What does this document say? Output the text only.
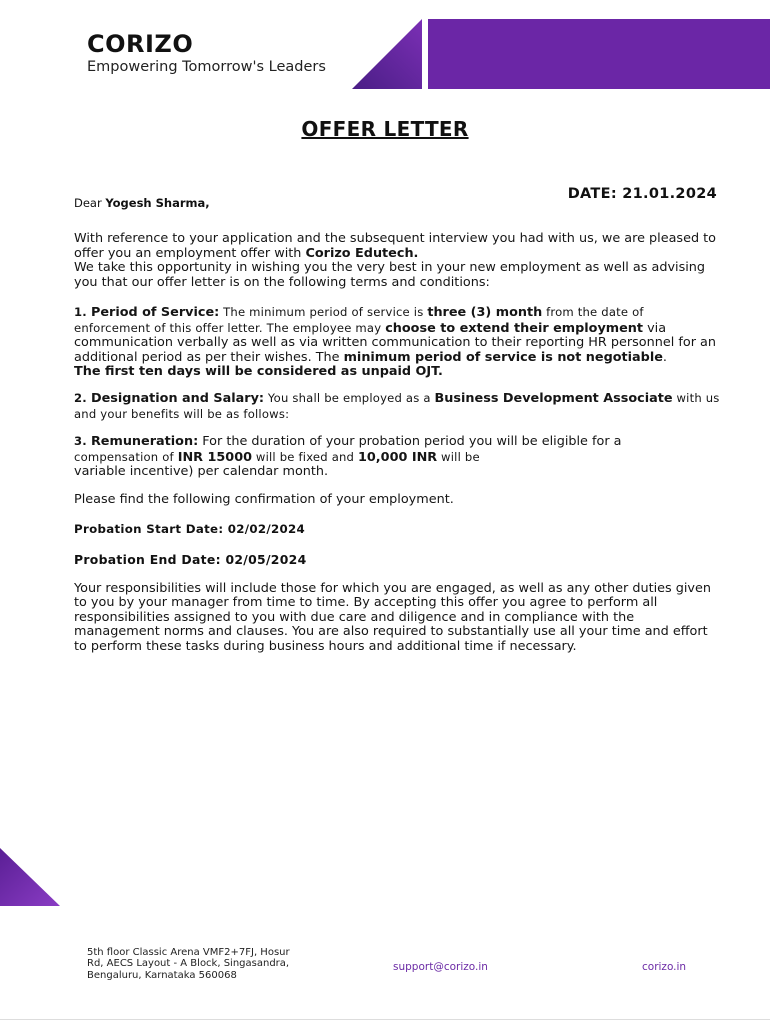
CORIZO
Empowering Tomorrow's Leaders
OFFER LETTER
Dear Yogesh Sharma,
DATE: 21.01.2024

With reference to your application and the subsequent interview you had with us, we are pleased to offer you an employment offer with Corizo Edutech.

We take this opportunity in wishing you the very best in your new employment as well as advising you that our offer letter is on the following terms and conditions:

1. Period of Service: The minimum period of service is three (3) month from the date of enforcement of this offer letter. The employee may choose to extend their employment via communication verbally as well as via written communication to their reporting HR personnel for an additional period as per their wishes. The minimum period of service is not negotiable.

The first ten days will be considered as unpaid OJT.

2. Designation and Salary: You shall be employed as a Business Development Associate with us and your benefits will be as follows:

3. Remuneration: For the duration of your probation period you will be eligible for a

compensation of INR 15000 will be fixed and 10,000 INR will be

variable incentive) per calendar month.

Please find the following confirmation of your employment.
Probation Start Date: 02/02/2024
Probation End Date: 02/05/2024
Your responsibilities will include those for which you are engaged, as well as any other duties given to you by your manager from time to time. By accepting this offer you agree to perform all responsibilities assigned to you with due care and diligence and in compliance with the management norms and clauses. You are also required to substantially use all your time and effort to perform these tasks during business hours and additional time if necessary.
5th floor Classic Arena VMF2+7FJ, Hosur
Rd, AECS Layout - A Block, Singasandra,
Bengaluru, Karnataka 560068
support@corizo.in	corizo.in
